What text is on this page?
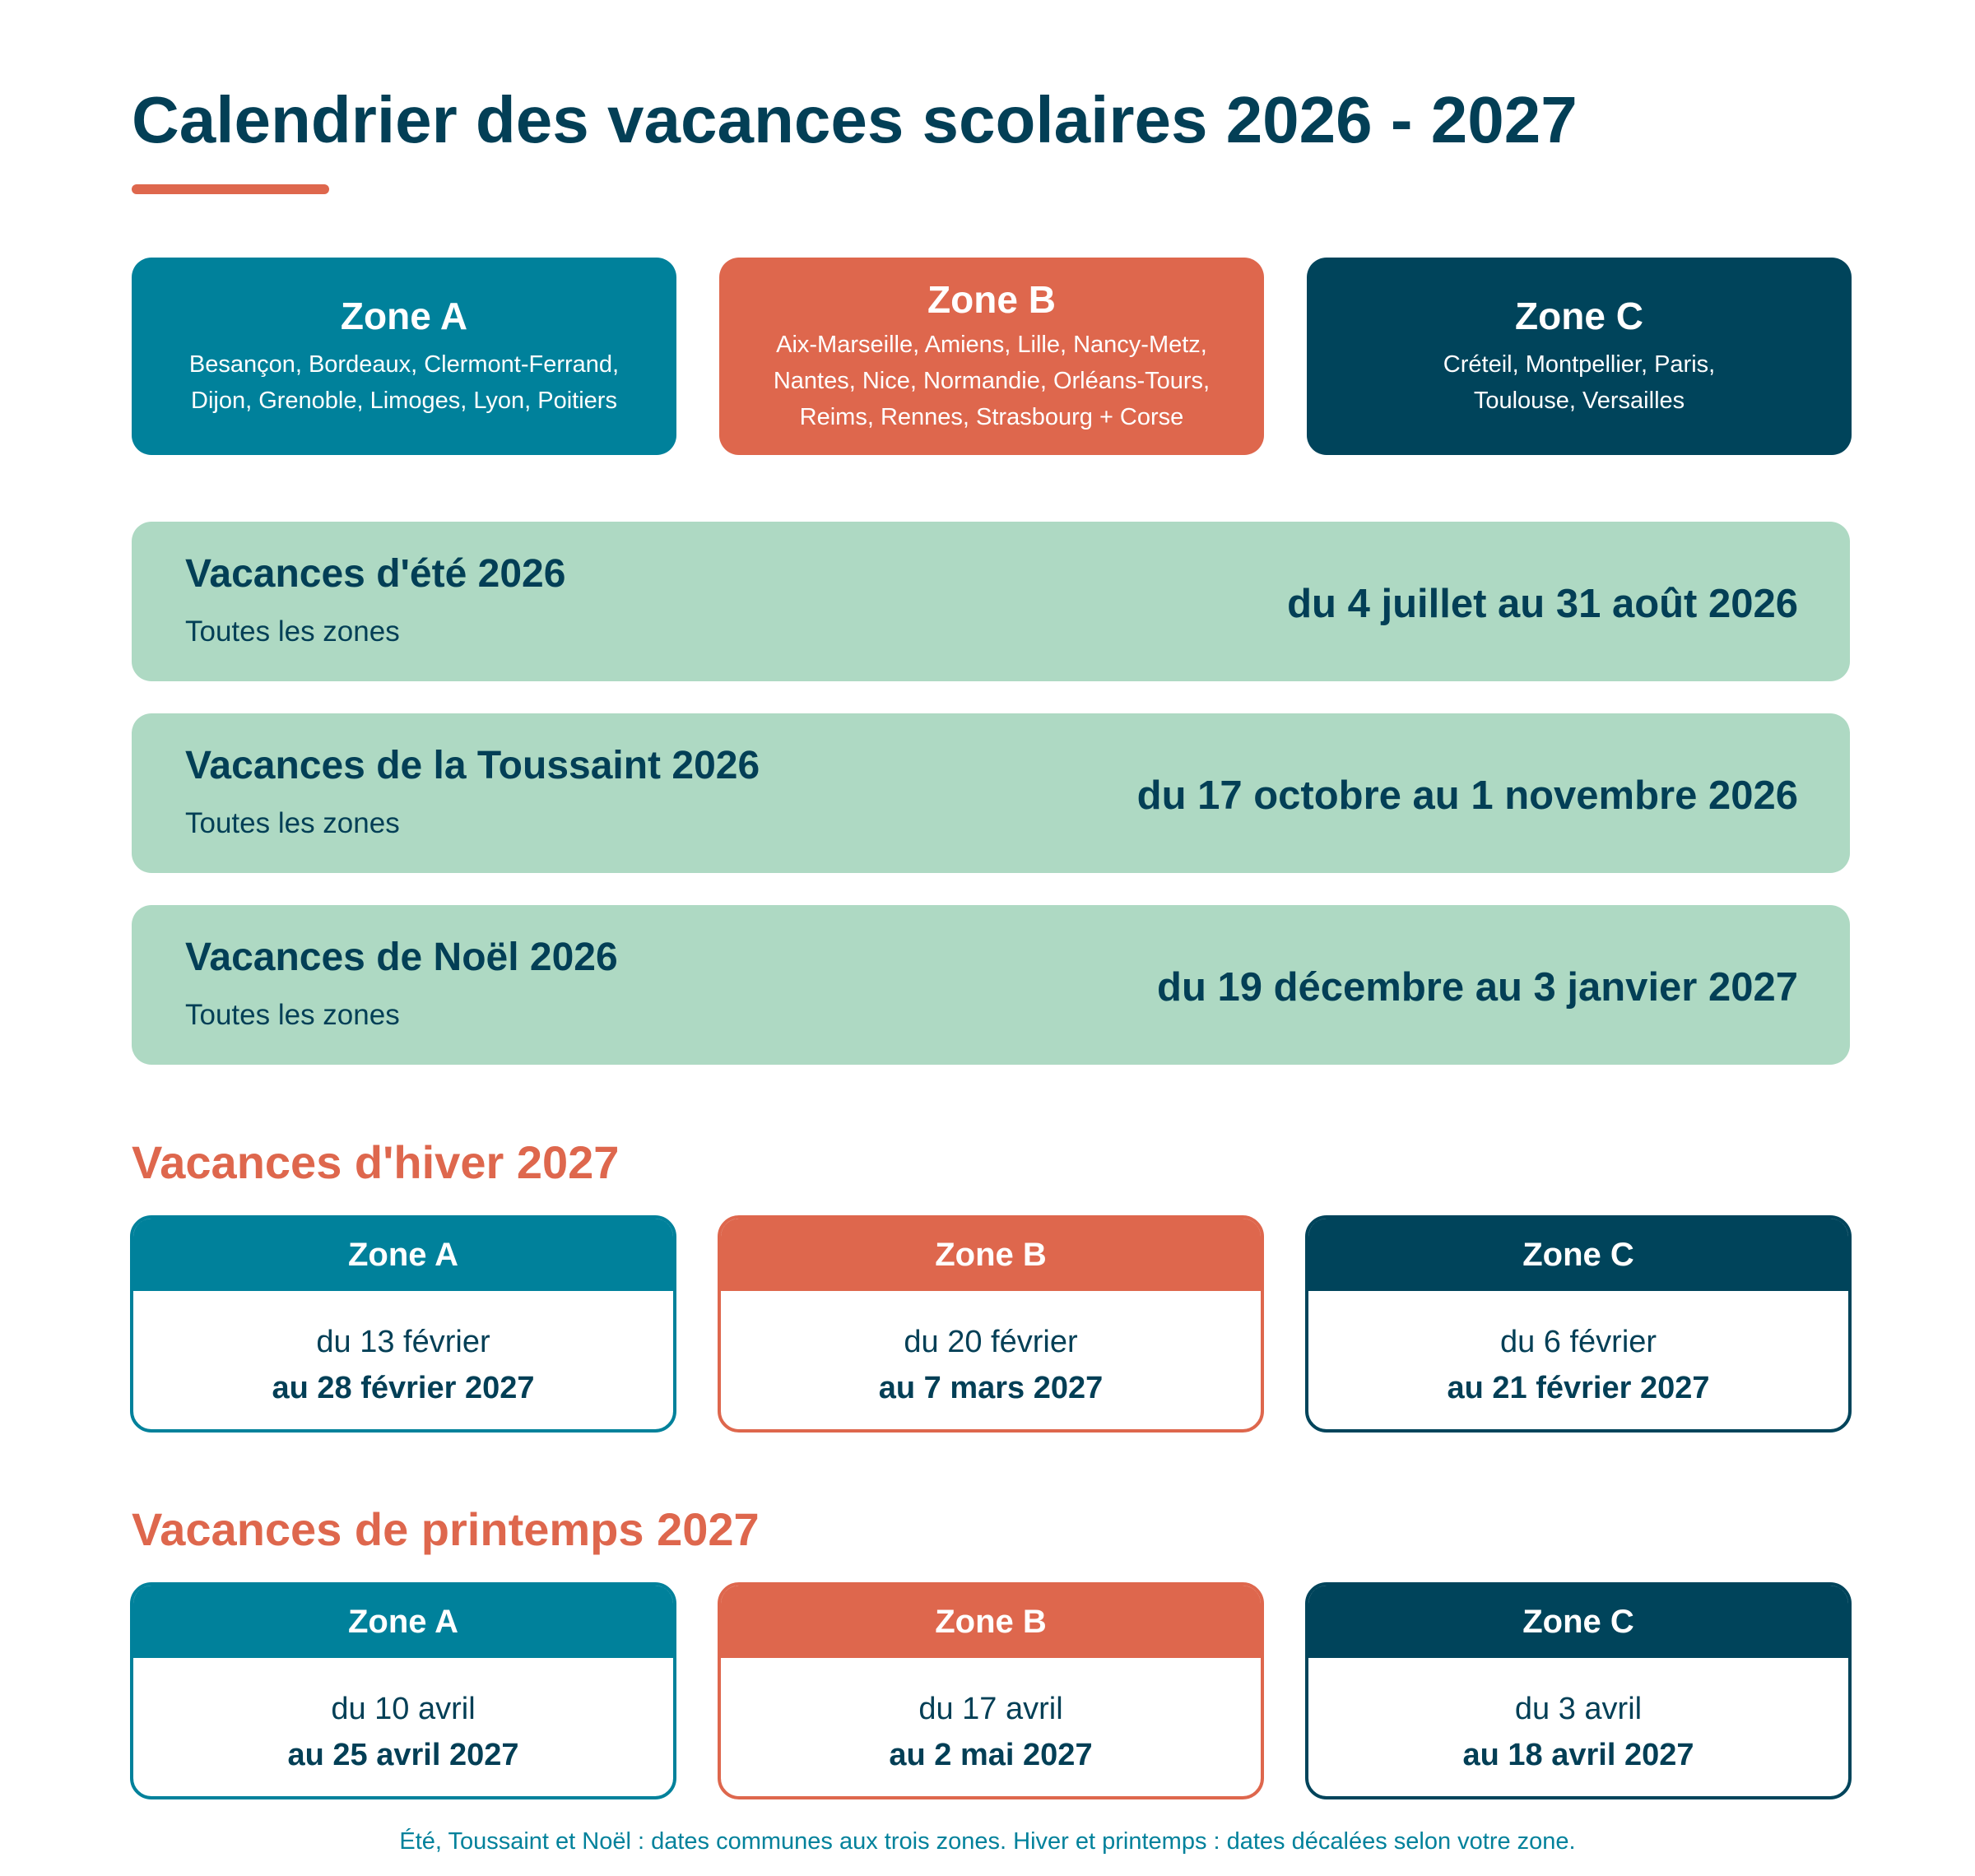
Calendrier des vacances scolaires 2026 - 2027
Zone A
Besançon, Bordeaux, Clermont-Ferrand,
Dijon, Grenoble, Limoges, Lyon, Poitiers
Zone B
Aix-Marseille, Amiens, Lille, Nancy-Metz,
Nantes, Nice, Normandie, Orléans-Tours,
Reims, Rennes, Strasbourg + Corse
Zone C
Créteil, Montpellier, Paris,
Toulouse, Versailles
Vacances d'été 2026
Toutes les zones
du 4 juillet au 31 août 2026
Vacances de la Toussaint 2026
Toutes les zones
du 17 octobre au 1 novembre 2026
Vacances de Noël 2026
Toutes les zones
du 19 décembre au 3 janvier 2027
Vacances d'hiver 2027
Zone A
du 13 février
au 28 février 2027
Zone B
du 20 février
au 7 mars 2027
Zone C
du 6 février
au 21 février 2027
Vacances de printemps 2027
Zone A
du 10 avril
au 25 avril 2027
Zone B
du 17 avril
au 2 mai 2027
Zone C
du 3 avril
au 18 avril 2027
Été, Toussaint et Noël : dates communes aux trois zones. Hiver et printemps : dates décalées selon votre zone.
